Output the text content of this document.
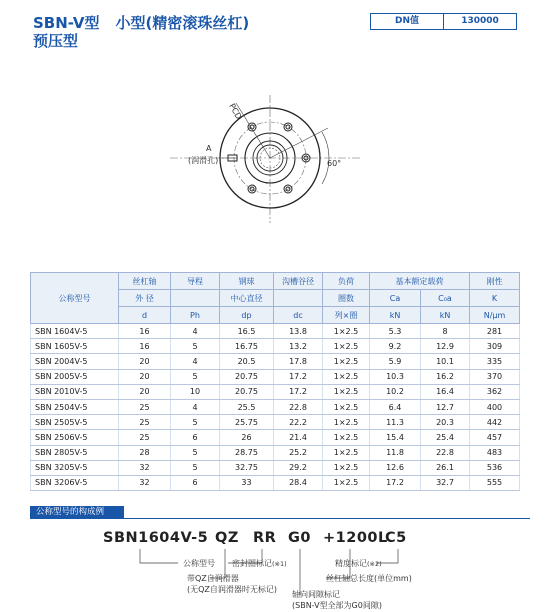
SBN-V型 小型(精密滚珠丝杠)
预压型
DN值	130000
A
(润滑孔)
PCD
60°
公称型号	丝杠轴	导程	钢球	沟槽谷径	负荷	基本额定载荷		刚性
	外 径		中心直径		圈数	Ca	C₀a	K
	d	Ph	dp	dc	列×圈	kN	kN	N/μm
SBN 1604V-5	16	4	16.5	13.8	1×2.5	5.3	8	281
SBN 1605V-5	16	5	16.75	13.2	1×2.5	9.2	12.9	309
SBN 2004V-5	20	4	20.5	17.8	1×2.5	5.9	10.1	335
SBN 2005V-5	20	5	20.75	17.2	1×2.5	10.3	16.2	370
SBN 2010V-5	20	10	20.75	17.2	1×2.5	10.2	16.4	362
SBN 2504V-5	25	4	25.5	22.8	1×2.5	6.4	12.7	400
SBN 2505V-5	25	5	25.75	22.2	1×2.5	11.3	20.3	442
SBN 2506V-5	25	6	26	21.4	1×2.5	15.4	25.4	457
SBN 2805V-5	28	5	28.75	25.2	1×2.5	11.8	22.8	483
SBN 3205V-5	32	5	32.75	29.2	1×2.5	12.6	26.1	536
SBN 3206V-5	32	6	33	28.4	1×2.5	17.2	32.7	555
公称型号的构成例
SBN1604V-5 QZ RR G0 +1200L
C5
公称型号 密封圈标记(※1)	精度标记(※2)
带QZ自润滑器
(无QZ自润滑器时无标记)
丝杠轴总长度(单位mm)
轴向间隙标记
(SBN-V型全部为G0间隙)
